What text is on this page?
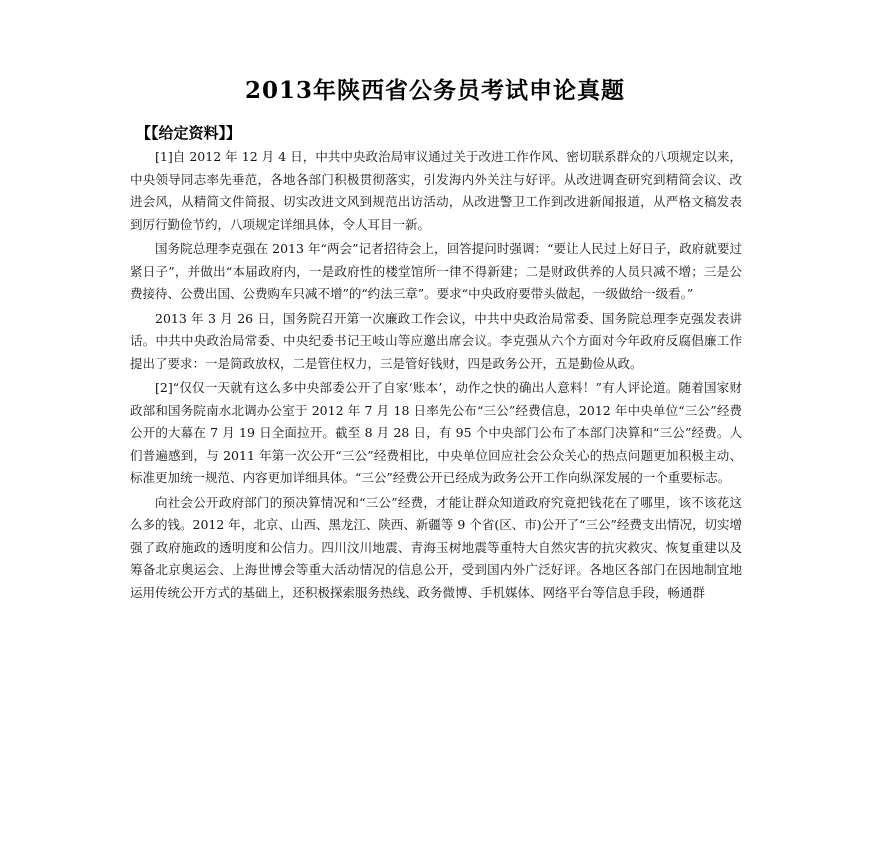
2013年陕西省公务员考试申论真题
【【给定资料】】

[1]自 2012 年 12 月 4 日，中共中央政治局审议通过关于改进工作作风、密切联系群众的八项规定以来，中央领导同志率先垂范，各地各部门积极贯彻落实，引发海内外关注与好评。从改进调查研究到精简会议、改进会风，从精简文件简报、切实改进文风到规范出访活动，从改进警卫工作到改进新闻报道，从严格文稿发表到厉行勤俭节约，八项规定详细具体，令人耳目一新。

国务院总理李克强在 2013 年“两会”记者招待会上，回答提问时强调：“要让人民过上好日子，政府就要过紧日子”，并做出“本届政府内，一是政府性的楼堂馆所一律不得新建；二是财政供养的人员只减不增；三是公费接待、公费出国、公费购车只减不增”的“约法三章”。要求“中央政府要带头做起，一级做给一级看。”

2013 年 3 月 26 日，国务院召开第一次廉政工作会议，中共中央政治局常委、国务院总理李克强发表讲话。中共中央政治局常委、中央纪委书记王岐山等应邀出席会议。李克强从六个方面对今年政府反腐倡廉工作提出了要求：一是简政放权，二是管住权力，三是管好钱财，四是政务公开，五是勤俭从政。

[2]“仅仅一天就有这么多中央部委公开了自家‘账本’，动作之快的确出人意料！”有人评论道。随着国家财政部和国务院南水北调办公室于 2012 年 7 月 18 日率先公布“三公”经费信息，2012 年中央单位“三公”经费公开的大幕在 7 月 19 日全面拉开。截至 8 月 28 日，有 95 个中央部门公布了本部门决算和“三公”经费。人们普遍感到，与 2011 年第一次公开“三公”经费相比，中央单位回应社会公众关心的热点问题更加积极主动、标准更加统一规范、内容更加详细具体。“三公”经费公开已经成为政务公开工作向纵深发展的一个重要标志。

向社会公开政府部门的预决算情况和“三公”经费，才能让群众知道政府究竟把钱花在了哪里，该不该花这么多的钱。2012 年，北京、山西、黑龙江、陕西、新疆等 9 个省(区、市)公开了“三公”经费支出情况，切实增强了政府施政的透明度和公信力。四川汶川地震、青海玉树地震等重特大自然灾害的抗灾救灾、恢复重建以及筹备北京奥运会、上海世博会等重大活动情况的信息公开，受到国内外广泛好评。各地区各部门在因地制宜地运用传统公开方式的基础上，还积极探索服务热线、政务微博、手机媒体、网络平台等信息手段，畅通群
